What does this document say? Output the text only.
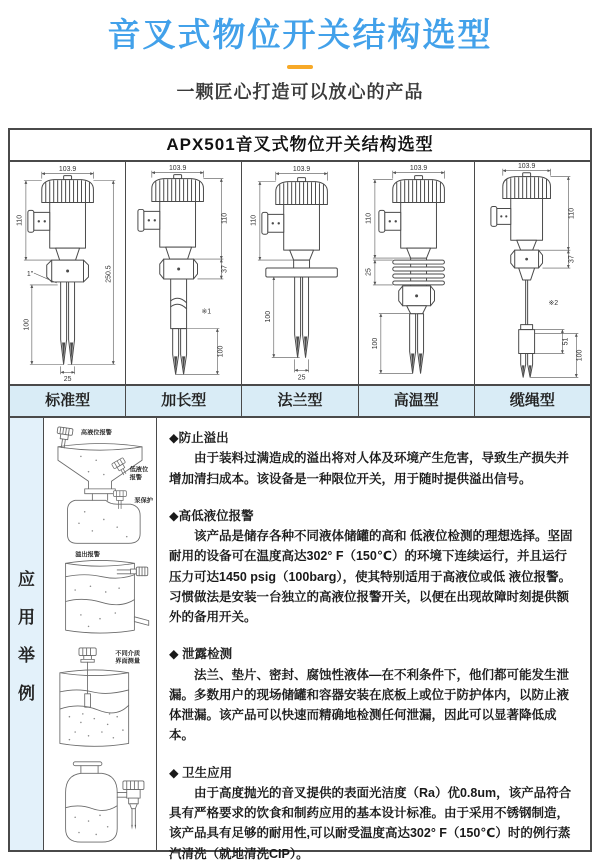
音叉式物位开关结构选型
一颗匠心打造可以放心的产品
APX501音叉式物位开关结构选型
103.9
110
250.5
1"
100
25
103.9
110
37
※1
100
103.9
110
100
25
103.9
110
25
100
103.9
110
37
※2
51
100
标准型	加长型	法兰型	高温型	缆绳型
应
用
举
例
高液位报警
低液位
报警
泵保护
溢出报警
不同介质
界面测量
◆防止溢出
由于装料过满造成的溢出将对人体及环境产生危害，导致生产损失并增加清扫成本。该设备是一种限位开关，用于随时提供溢出信号。
◆高低液位报警
该产品是储存各种不同液体储罐的高和 低液位检测的理想选择。坚固耐用的设备可在温度高达302° F（150℃）的环境下连续运行，并且运行压力可达1450 psig（100barg），使其特别适用于高液位或低 液位报警。习惯做法是安装一台独立的高液位报警开关，以便在出现故障时刻提供额外的备用开关。
◆ 泄露检测
法兰、垫片、密封、腐蚀性液体—在不利条件下，他们都可能发生泄漏。多数用户的现场储罐和容器安装在底板上或位于防护体内，以防止液体泄漏。该产品可以快速而精确地检测任何泄漏，因此可以显著降低成本。
◆ 卫生应用
由于高度抛光的音叉提供的表面光洁度（Ra）优0.8um，该产品符合具有严格要求的饮食和制药应用的基本设计标准。由于采用不锈钢制造，该产品具有足够的耐用性,可以耐受温度高达302° F（150℃）时的例行蒸汽清洗（就地清洗CIP）。
